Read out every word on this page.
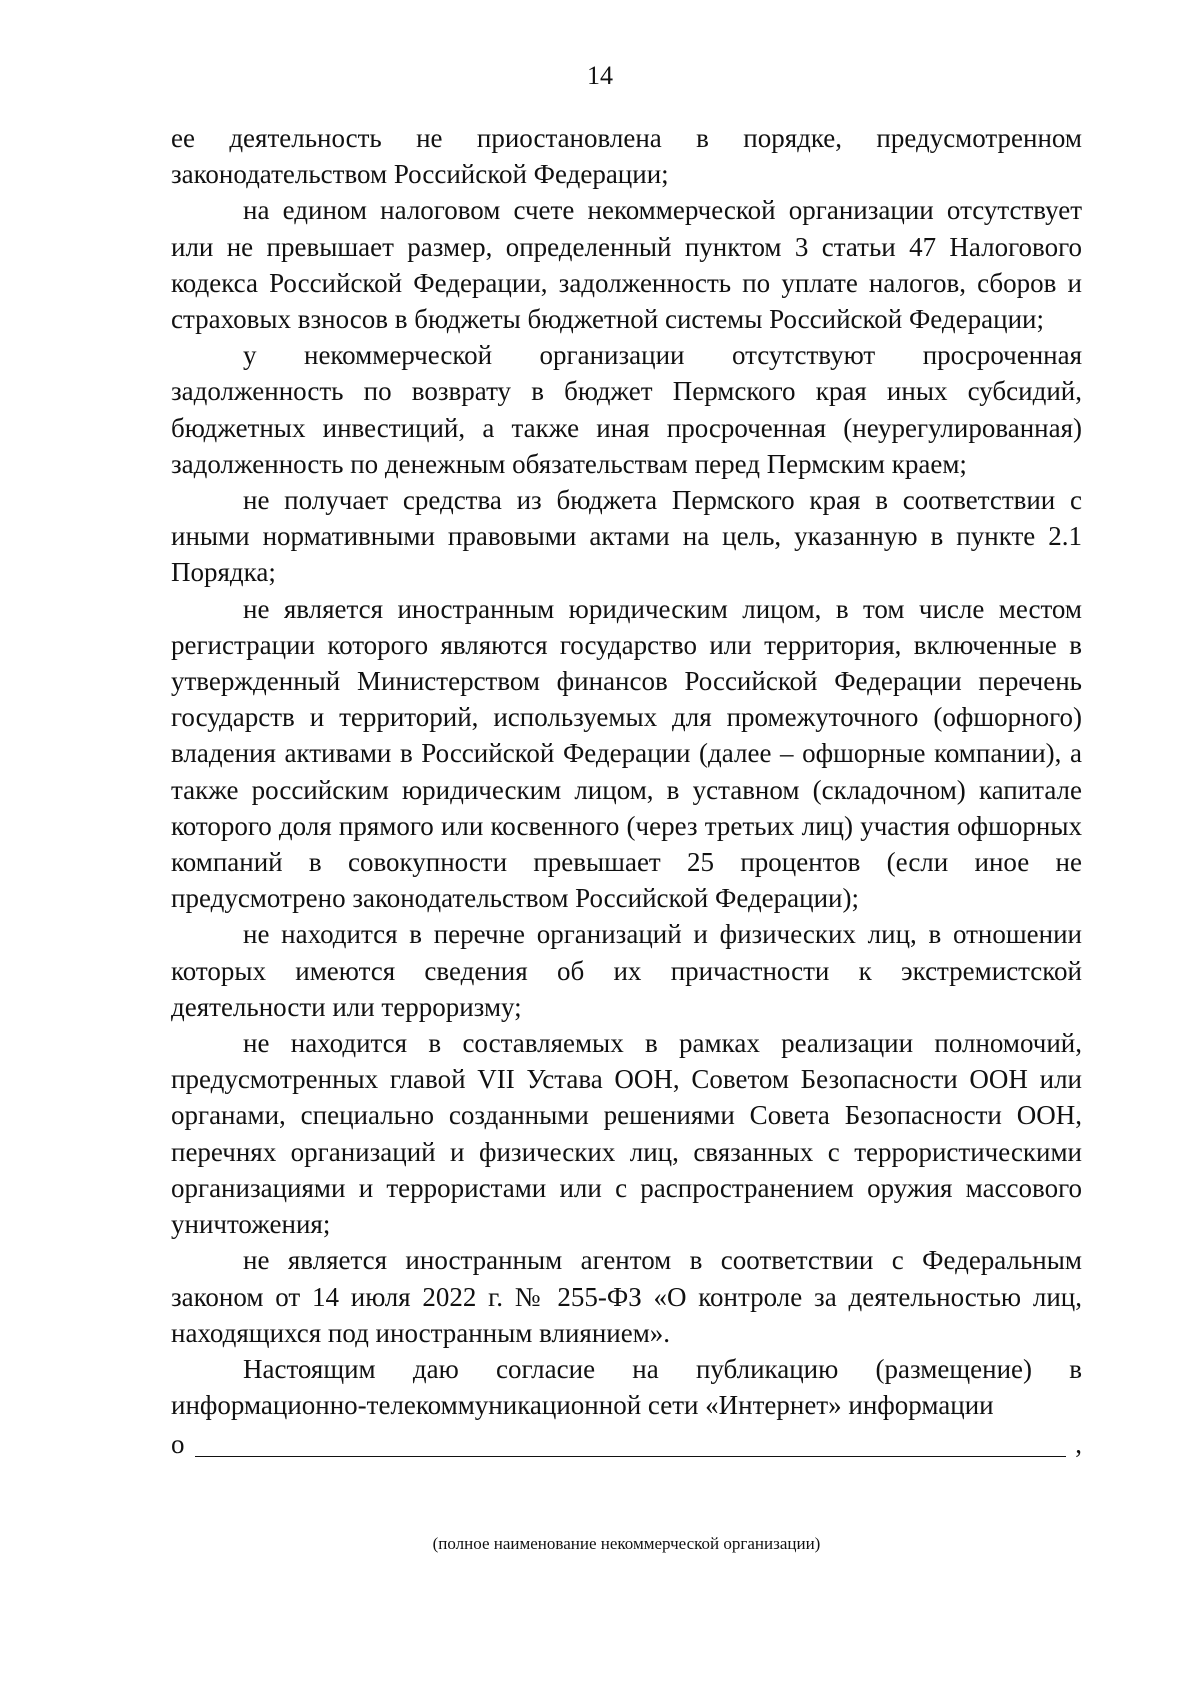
14

ее деятельность не приостановлена в порядке, предусмотренном законодательством Российской Федерации;

на едином налоговом счете некоммерческой организации отсутствует или не превышает размер, определенный пунктом 3 статьи 47 Налогового кодекса Российской Федерации, задолженность по уплате налогов, сборов и страховых взносов в бюджеты бюджетной системы Российской Федерации;

у некоммерческой организации отсутствуют просроченная задолженность по возврату в бюджет Пермского края иных субсидий, бюджетных инвестиций, а также иная просроченная (неурегулированная) задолженность по денежным обязательствам перед Пермским краем;

не получает средства из бюджета Пермского края в соответствии с иными нормативными правовыми актами на цель, указанную в пункте 2.1 Порядка;

не является иностранным юридическим лицом, в том числе местом регистрации которого являются государство или территория, включенные в утвержденный Министерством финансов Российской Федерации перечень государств и территорий, используемых для промежуточного (офшорного) владения активами в Российской Федерации (далее – офшорные компании), а также российским юридическим лицом, в уставном (складочном) капитале которого доля прямого или косвенного (через третьих лиц) участия офшорных компаний в совокупности превышает 25 процентов (если иное не предусмотрено законодательством Российской Федерации);

не находится в перечне организаций и физических лиц, в отношении которых имеются сведения об их причастности к экстремистской деятельности или терроризму;

не находится в составляемых в рамках реализации полномочий, предусмотренных главой VII Устава ООН, Советом Безопасности ООН или органами, специально созданными решениями Совета Безопасности ООН, перечнях организаций и физических лиц, связанных с террористическими организациями и террористами или с распространением оружия массового уничтожения;

не является иностранным агентом в соответствии с Федеральным законом от 14 июля 2022 г. № 255-ФЗ «О контроле за деятельностью лиц, находящихся под иностранным влиянием».

Настоящим даю согласие на публикацию (размещение) в информационно-телекоммуникационной сети «Интернет» информации

о	,
(полное наименование некоммерческой организации)
